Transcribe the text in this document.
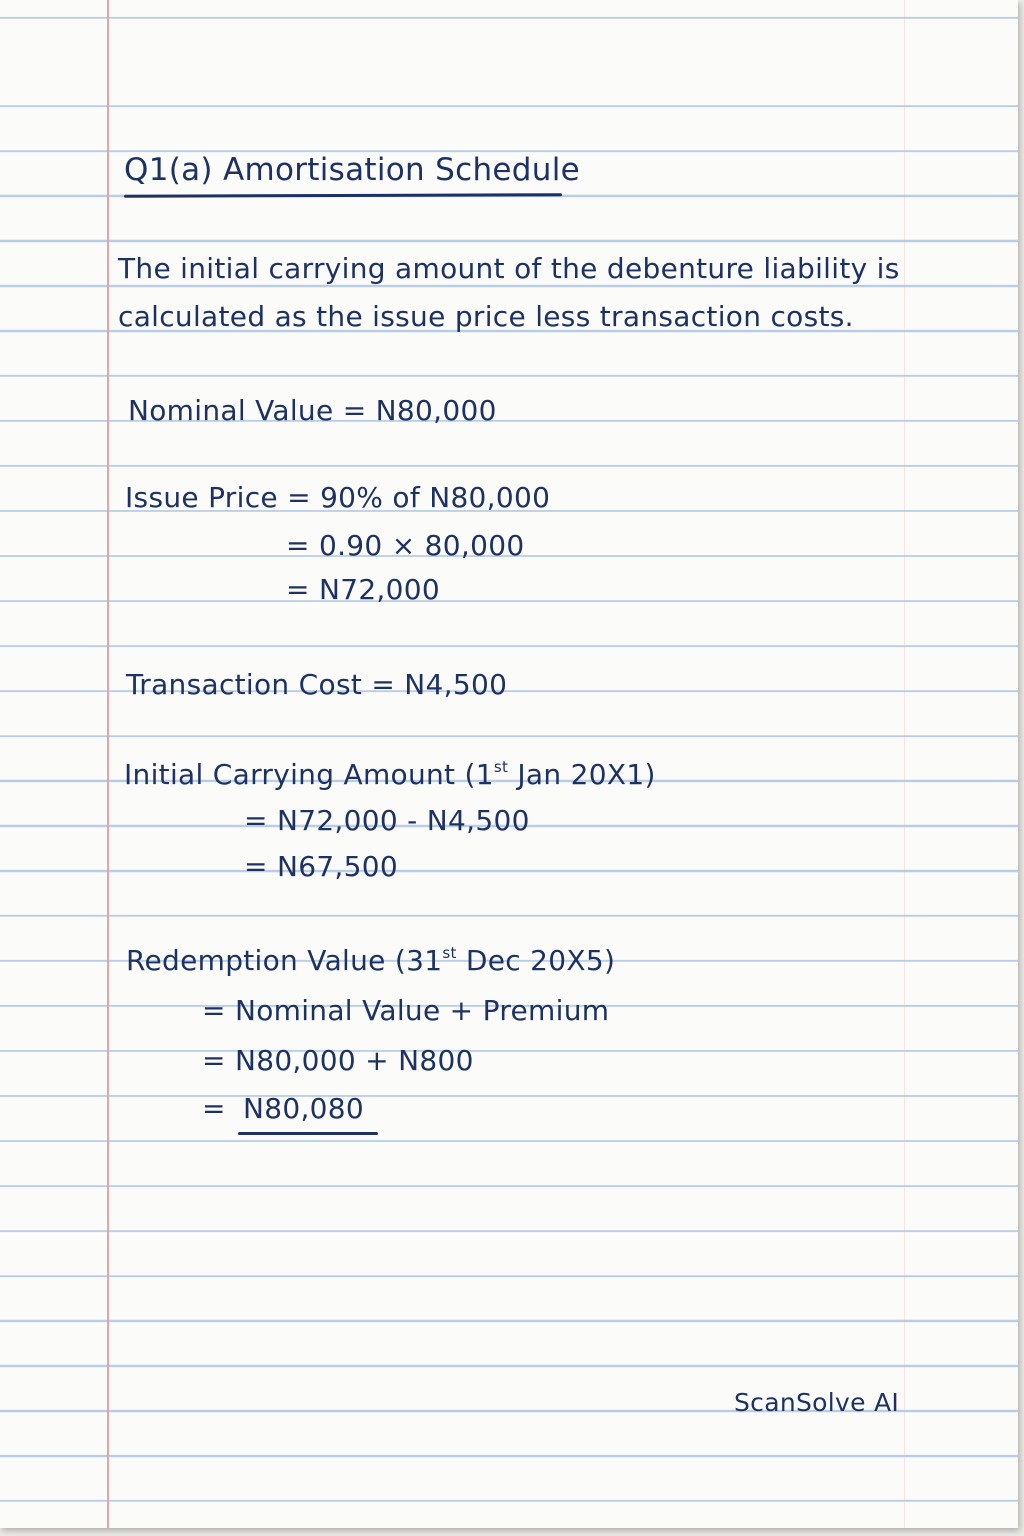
Q1(a) Amortisation Schedule
The initial carrying amount of the debenture liability is
calculated as the issue price less transaction costs.
Nominal Value = N80,000
Issue Price = 90% of N80,000
= 0.90 × 80,000
= N72,000
Transaction Cost = N4,500
Initial Carrying Amount (1st Jan 20X1)
= N72,000 - N4,500
= N67,500
Redemption Value (31st Dec 20X5)
= Nominal Value + Premium
= N80,000 + N800
= N80,080
ScanSolve AI
